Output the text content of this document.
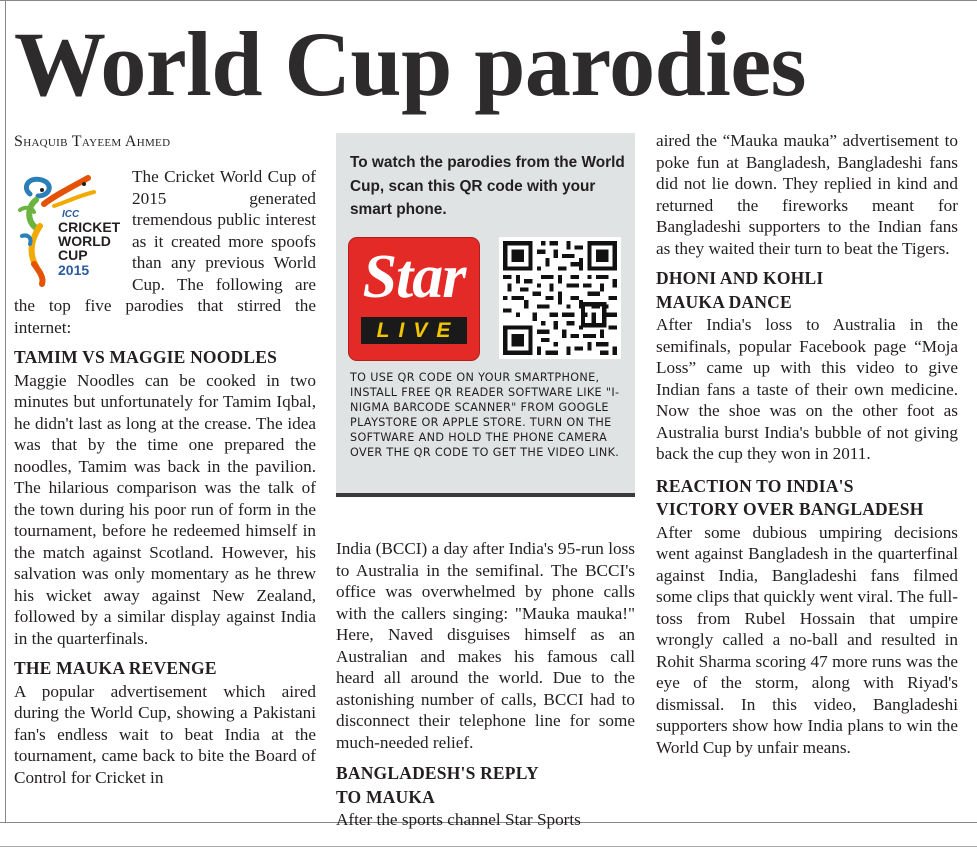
World Cup parodies
Shaquib Tayeem Ahmed
ICC
CRICKET
WORLD
CUP
2015

The Cricket World Cup of 2015 generated tremendous public interest as it created more spoofs than any previous World Cup. The following are the top five parodies that stirred the internet:

TAMIM VS MAGGIE NOODLES

Maggie Noodles can be cooked in two minutes but unfortunately for Tamim Iqbal, he didn't last as long at the crease. The idea was that by the time one prepared the noodles, Tamim was back in the pavilion. The hilarious comparison was the talk of the town during his poor run of form in the tournament, before he redeemed himself in the match against Scotland. However, his salvation was only momentary as he threw his wicket away against New Zealand, followed by a similar display against India in the quarterfinals.

THE MAUKA REVENGE

A popular advertisement which aired during the World Cup, showing a Pakistani fan's endless wait to beat India at the tournament, came back to bite the Board of Control for Cricket in

To watch the parodies from the World Cup, scan this QR code with your smart phone.
Star
LIVE
TO USE QR CODE ON YOUR SMARTPHONE, INSTALL FREE QR READER SOFTWARE LIKE "I-NIGMA BARCODE SCANNER" FROM GOOGLE PLAYSTORE OR APPLE STORE. TURN ON THE SOFTWARE AND HOLD THE PHONE CAMERA OVER THE QR CODE TO GET THE VIDEO LINK.

India (BCCI) a day after India's 95-run loss to Australia in the semifinal. The BCCI's office was overwhelmed by phone calls with the callers singing: "Mauka mauka!" Here, Naved disguises himself as an Australian and makes his famous call heard all around the world. Due to the astonishing number of calls, BCCI had to disconnect their telephone line for some much-needed relief.

BANGLADESH'S REPLY
TO MAUKA

After the sports channel Star Sports

aired the “Mauka mauka” advertisement to poke fun at Bangladesh, Bangladeshi fans did not lie down. They replied in kind and returned the fireworks meant for Bangladeshi supporters to the Indian fans as they waited their turn to beat the Tigers.

DHONI AND KOHLI
MAUKA DANCE

After India's loss to Australia in the semifinals, popular Facebook page “Moja Loss” came up with this video to give Indian fans a taste of their own medicine. Now the shoe was on the other foot as Australia burst India's bubble of not giving back the cup they won in 2011.

REACTION TO INDIA'S
VICTORY OVER BANGLADESH

After some dubious umpiring decisions went against Bangladesh in the quarterfinal against India, Bangladeshi fans filmed some clips that quickly went viral. The full-toss from Rubel Hossain that umpire wrongly called a no-ball and resulted in Rohit Sharma scoring 47 more runs was the eye of the storm, along with Riyad's dismissal. In this video, Bangladeshi supporters show how India plans to win the World Cup by unfair means.
